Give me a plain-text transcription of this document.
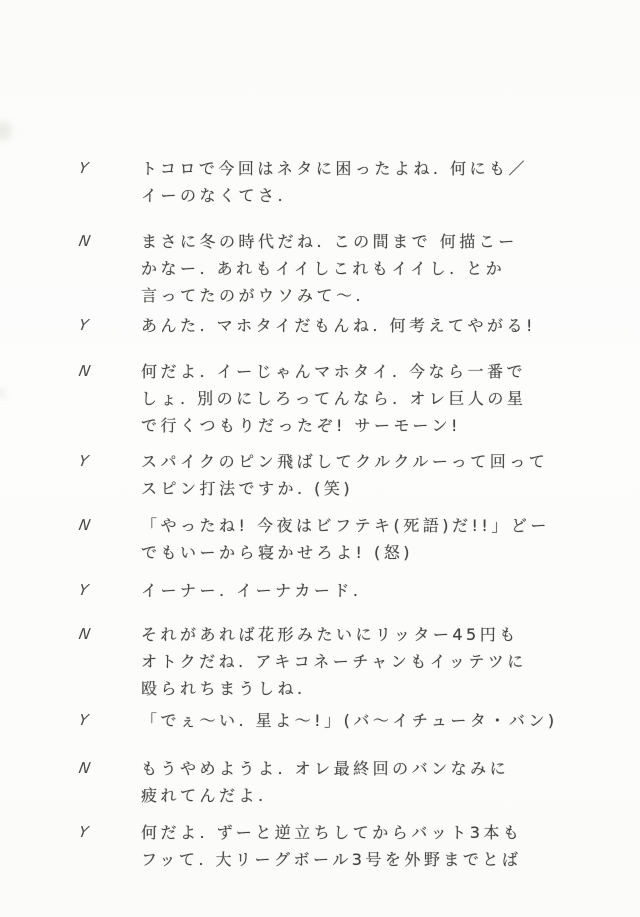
Y	トコロで今回はネタに困ったよね. 何にも／
イーのなくてさ.
N	まさに冬の時代だね. この間まで 何描こー
かなー. あれもイイしこれもイイし. とか
言ってたのがウソみて～.
Y	あんた. マホタイだもんね. 何考えてやがる!
N	何だよ. イーじゃんマホタイ. 今なら一番で
しょ. 別のにしろってんなら. オレ巨人の星
で行くつもりだったぞ! サーモーン!
Y	スパイクのピン飛ばしてクルクルーって回って
スピン打法ですか. (笑)
N	「やったね! 今夜はビフテキ(死語)だ!!」どー
でもいーから寝かせろよ! (怒)
Y	イーナー. イーナカード.
N	それがあれば花形みたいにリッター45円も
オトクだね. アキコネーチャンもイッテツに
殴られちまうしね.
Y	「でぇ～い. 星よ～!」(バ～イチュータ・バン)
N	もうやめようよ. オレ最終回のバンなみに
疲れてんだよ.
Y	何だよ. ずーと逆立ちしてからバット3本も
フッて. 大リーグボール3号を外野までとば
